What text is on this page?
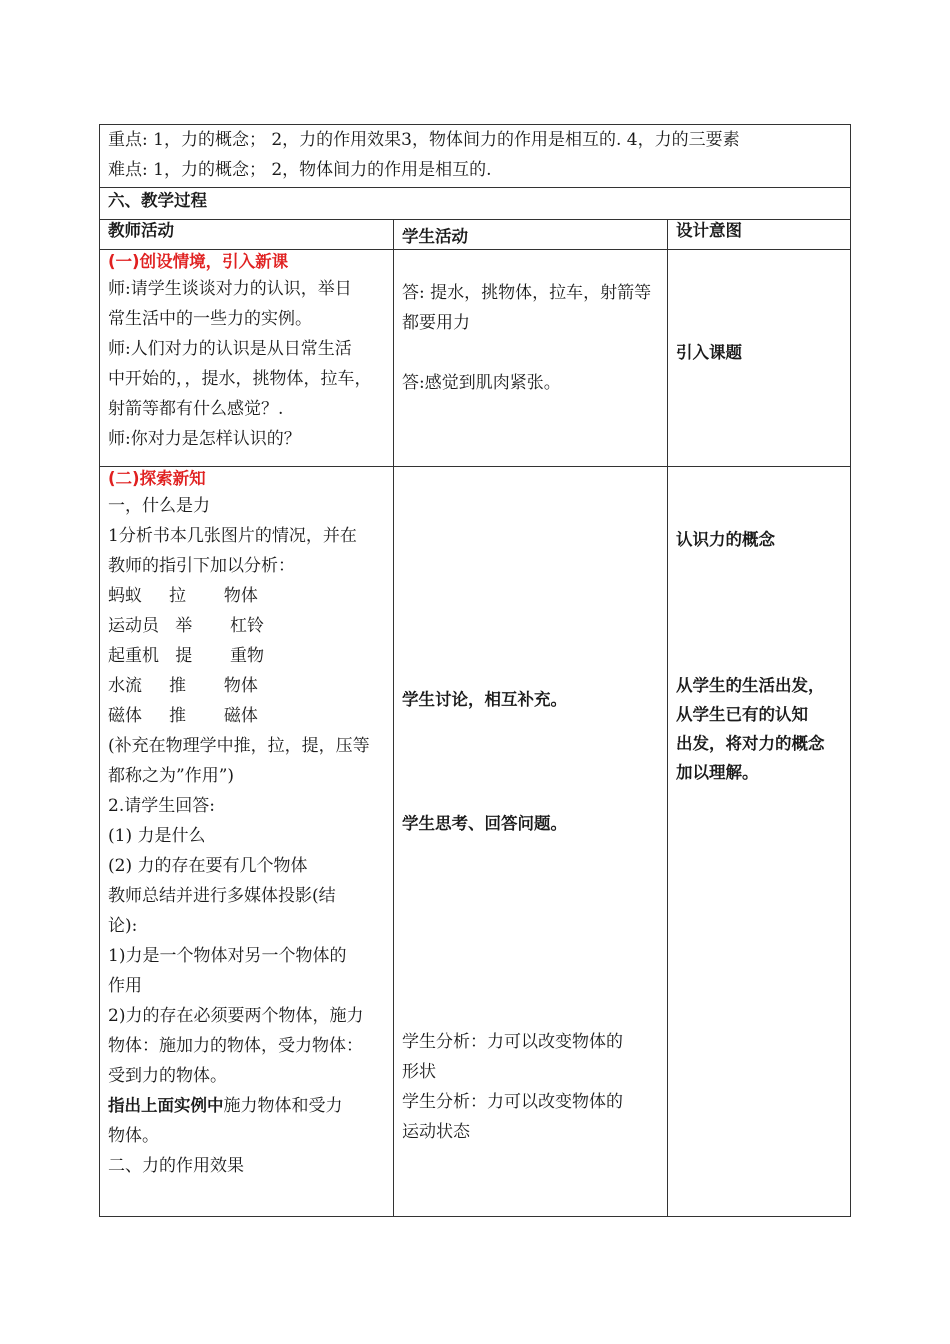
重点: 1，力的概念； 2，力的作用效果3，物体间力的作用是相互的. 4，力的三要素
难点: 1，力的概念； 2，物体间力的作用是相互的.
六、教学过程
教师活动	学生活动	设计意图
(一)创设情境，引入新课
师:请学生谈谈对力的认识，举日
常生活中的一些力的实例。
师:人们对力的认识是从日常生活
中开始的，，提水，挑物体，拉车，
射箭等都有什么感觉？.
师:你对力是怎样认识的？
答: 提水，挑物体，拉车，射箭等
都要用力
答:感觉到肌肉紧张。
引入课题
(二)探索新知
一，什么是力
1分析书本几张图片的情况，并在
教师的指引下加以分析：
蚂蚁     拉       物体
运动员   举       杠铃
起重机   提       重物
水流     推       物体
磁体     推       磁体
(补充在物理学中推，拉，提，压等
都称之为”作用”)
2.请学生回答:
(1) 力是什么
(2) 力的存在要有几个物体
教师总结并进行多媒体投影(结
论):
1)力是一个物体对另一个物体的
作用
2)力的存在必须要两个物体，施力
物体：施加力的物体，受力物体：
受到力的物体。
指出上面实例中施力物体和受力
物体。
二、力的作用效果
学生讨论，相互补充。
学生思考、回答问题。
学生分析：力可以改变物体的
形状
学生分析：力可以改变物体的
运动状态
认识力的概念
从学生的生活出发，
从学生已有的认知
出发，将对力的概念
加以理解。
